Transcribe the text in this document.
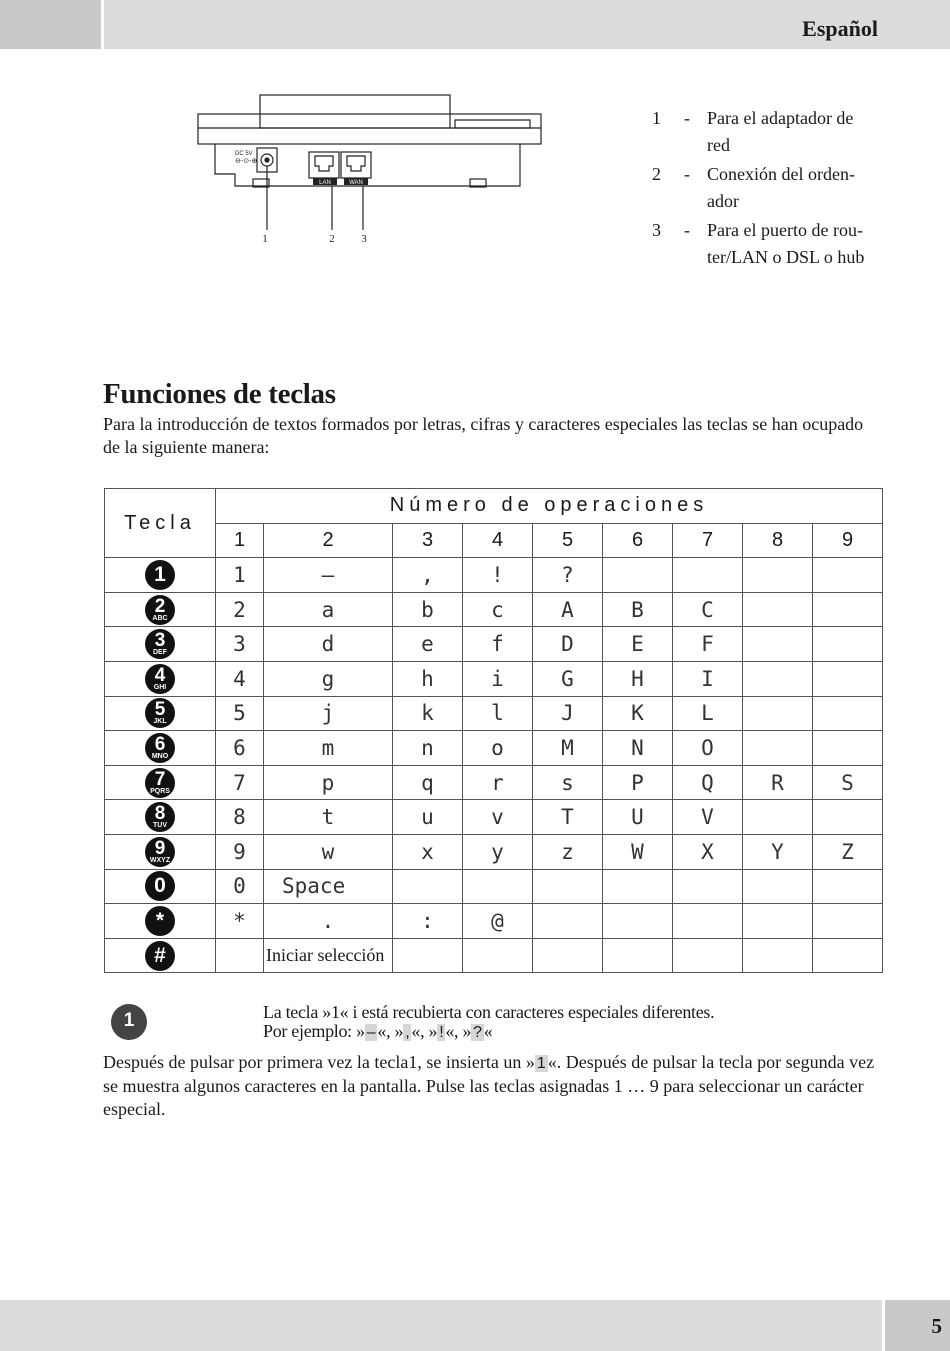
Español
DC 5V
⊖-⊙-⊕
LAN	WAN
1	2 3
1	- Para el adaptador de
red
2	- Conexión del orden-
ador
3	- Para el puerto de rou-
ter/LAN o DSL o hub
Funciones de teclas
Para la introducción de textos formados por letras, cifras y caracteres especiales las teclas se han ocupado de la siguiente manera:
Tecla	Número de operaciones								
	1	2	3	4	5	6	7	8	9

1	1	–	,	!	?				

2
ABC	2	a	b	c	A	B	C		

3
DEF	3	d	e	f	D	E	F		

4
GHI	4	g	h	i	G	H	I		

5
JKL	5	j	k	l	J	K	L		

6
MNO	6	m	n	o	M	N	O		

7
PQRS	7	p	q	r	s	P	Q	R	S

8
TUV	8	t	u	v	T	U	V		

9
WXYZ	9	w	x	y	z	W	X	Y	Z

0	0	Space							

*	*	.	:	@					

#		Iniciar selección							
1	La tecla »1« i está recubierta con caracteres especiales diferentes.
Por ejemplo: » – «, » , «, » ! «, » ? «
Después de pulsar por primera vez la tecla1, se insierta un » 1 «. Después de pulsar la tecla por segunda vez se muestra algunos caracteres en la pantalla. Pulse las teclas asignadas 1 … 9 para seleccionar un carácter especial.
5
